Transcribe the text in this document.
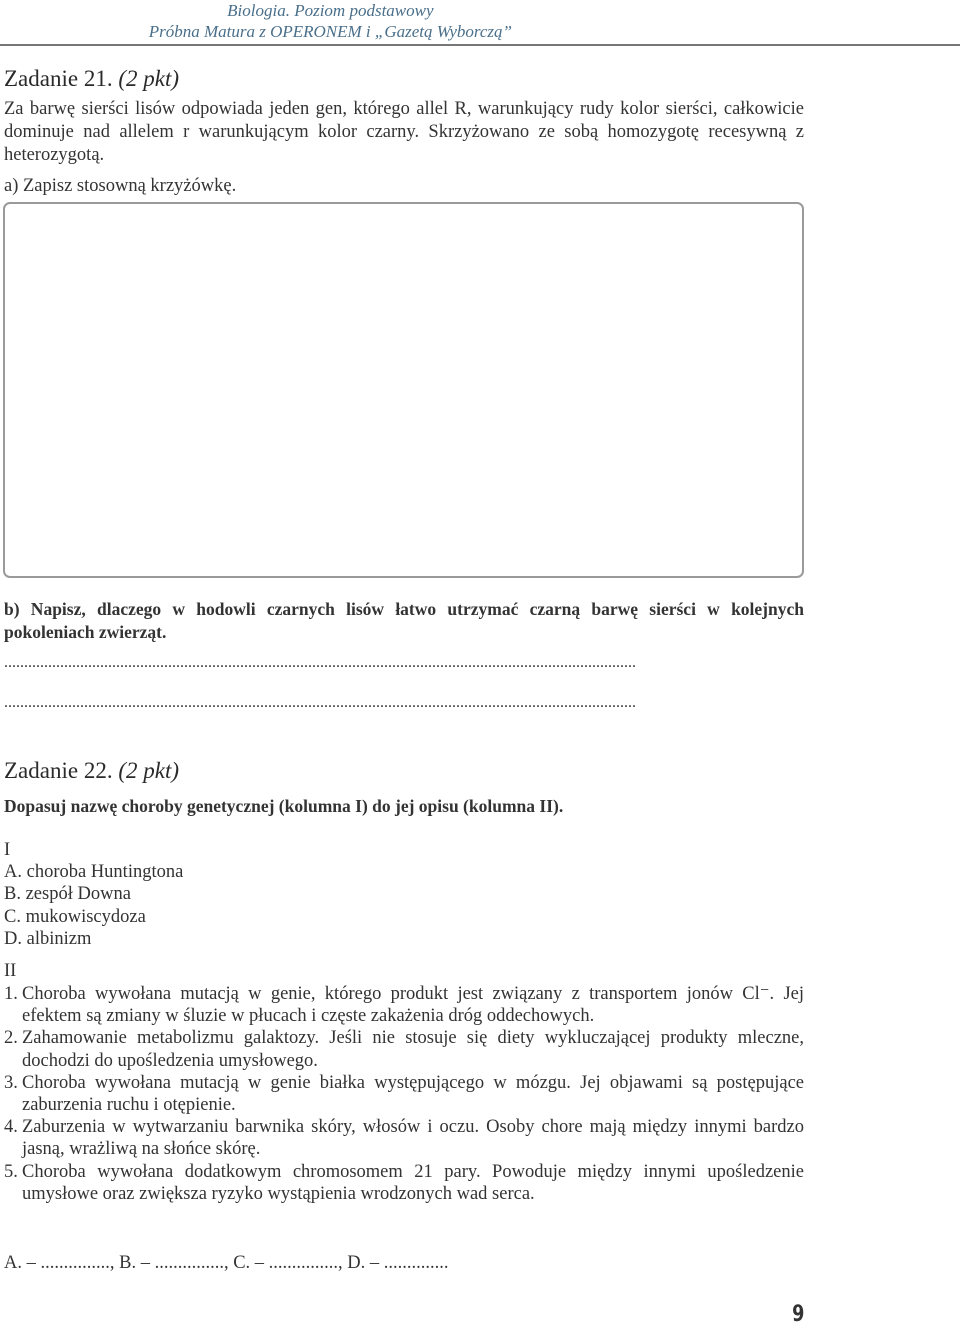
Biologia. Poziom podstawowy
Próbna Matura z OPERONEM i „Gazetą Wyborczą”
Zadanie 21. (2 pkt)
Za barwę sierści lisów odpowiada jeden gen, którego allel R, warunkujący rudy kolor sierści, całkowicie dominuje nad allelem r warunkującym kolor czarny. Skrzyżowano ze sobą homozygotę recesywną z heterozygotą.
a) Zapisz stosowną krzyżówkę.
b) Napisz, dlaczego w hodowli czarnych lisów łatwo utrzymać czarną barwę sierści w kolejnych pokoleniach zwierząt.
..............................................................................................................................................................
..............................................................................................................................................................
Zadanie 22. (2 pkt)
Dopasuj nazwę choroby genetycznej (kolumna I) do jej opisu (kolumna II).
I
A. choroba Huntingtona
B. zespół Downa
C. mukowiscydoza
D. albinizm
II
1. Choroba wywołana mutacją w genie, którego produkt jest związany z transportem jonów Cl⁻. Jej efektem są zmiany w śluzie w płucach i częste zakażenia dróg oddechowych.
2. Zahamowanie metabolizmu galaktozy. Jeśli nie stosuje się diety wykluczającej produkty mleczne, dochodzi do upośledzenia umysłowego.
3. Choroba wywołana mutacją w genie białka występującego w mózgu. Jej objawami są postępujące zaburzenia ruchu i otępienie.
4. Zaburzenia w wytwarzaniu barwnika skóry, włosów i oczu. Osoby chore mają między innymi bardzo jasną, wrażliwą na słońce skórę.
5. Choroba wywołana dodatkowym chromosomem 21 pary. Powoduje między innymi upośledzenie umysłowe oraz zwiększa ryzyko wystąpienia wrodzonych wad serca.
A. – ..............., B. – ..............., C. – ..............., D. – ..............
9
